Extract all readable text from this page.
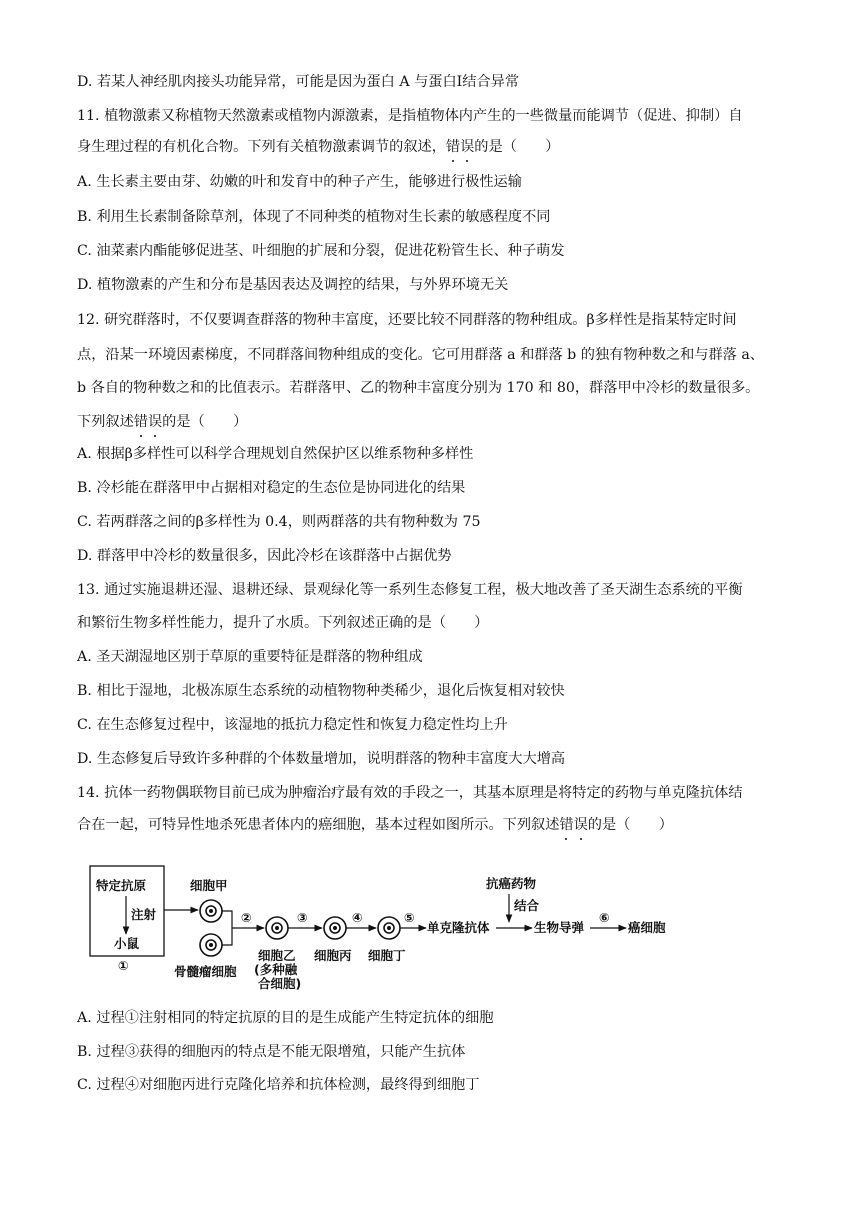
D. 若某人神经肌肉接头功能异常，可能是因为蛋白 A 与蛋白Ⅰ结合异常
11. 植物激素又称植物天然激素或植物内源激素，是指植物体内产生的一些微量而能调节（促进、抑制）自
身生理过程的有机化合物。下列有关植物激素调节的叙述，错误的是（　　）
A. 生长素主要由芽、幼嫩的叶和发育中的种子产生，能够进行极性运输
B. 利用生长素制备除草剂，体现了不同种类的植物对生长素的敏感程度不同
C. 油菜素内酯能够促进茎、叶细胞的扩展和分裂，促进花粉管生长、种子萌发
D. 植物激素的产生和分布是基因表达及调控的结果，与外界环境无关
12. 研究群落时，不仅要调查群落的物种丰富度，还要比较不同群落的物种组成。β多样性是指某特定时间
点，沿某一环境因素梯度，不同群落间物种组成的变化。它可用群落 a 和群落 b 的独有物种数之和与群落 a、
b 各自的物种数之和的比值表示。若群落甲、乙的物种丰富度分别为 170 和 80，群落甲中冷杉的数量很多。
下列叙述错误的是（　　）
A. 根据β多样性可以科学合理规划自然保护区以维系物种多样性
B. 冷杉能在群落甲中占据相对稳定的生态位是协同进化的结果
C. 若两群落之间的β多样性为 0.4，则两群落的共有物种数为 75
D. 群落甲中冷杉的数量很多，因此冷杉在该群落中占据优势
13. 通过实施退耕还湿、退耕还绿、景观绿化等一系列生态修复工程，极大地改善了圣天湖生态系统的平衡
和繁衍生物多样性能力，提升了水质。下列叙述正确的是（　　）
A. 圣天湖湿地区别于草原的重要特征是群落的物种组成
B. 相比于湿地，北极冻原生态系统的动植物物种类稀少，退化后恢复相对较快
C. 在生态修复过程中，该湿地的抵抗力稳定性和恢复力稳定性均上升
D. 生态修复后导致许多种群的个体数量增加，说明群落的物种丰富度大大增高
14. 抗体一药物偶联物目前已成为肿瘤治疗最有效的手段之一，其基本原理是将特定的药物与单克隆抗体结
合在一起，可特异性地杀死患者体内的癌细胞，基本过程如图所示。下列叙述错误的是（　　）
特定抗原
注射
小鼠
①
细胞甲
骨髓瘤细胞
②
细胞乙
(多种融
合细胞)
③
细胞丙
④
细胞丁
⑤
单克隆抗体
抗癌药物
结合
生物导弹
⑥
癌细胞
A. 过程①注射相同的特定抗原的目的是生成能产生特定抗体的细胞
B. 过程③获得的细胞丙的特点是不能无限增殖，只能产生抗体
C. 过程④对细胞丙进行克隆化培养和抗体检测，最终得到细胞丁
